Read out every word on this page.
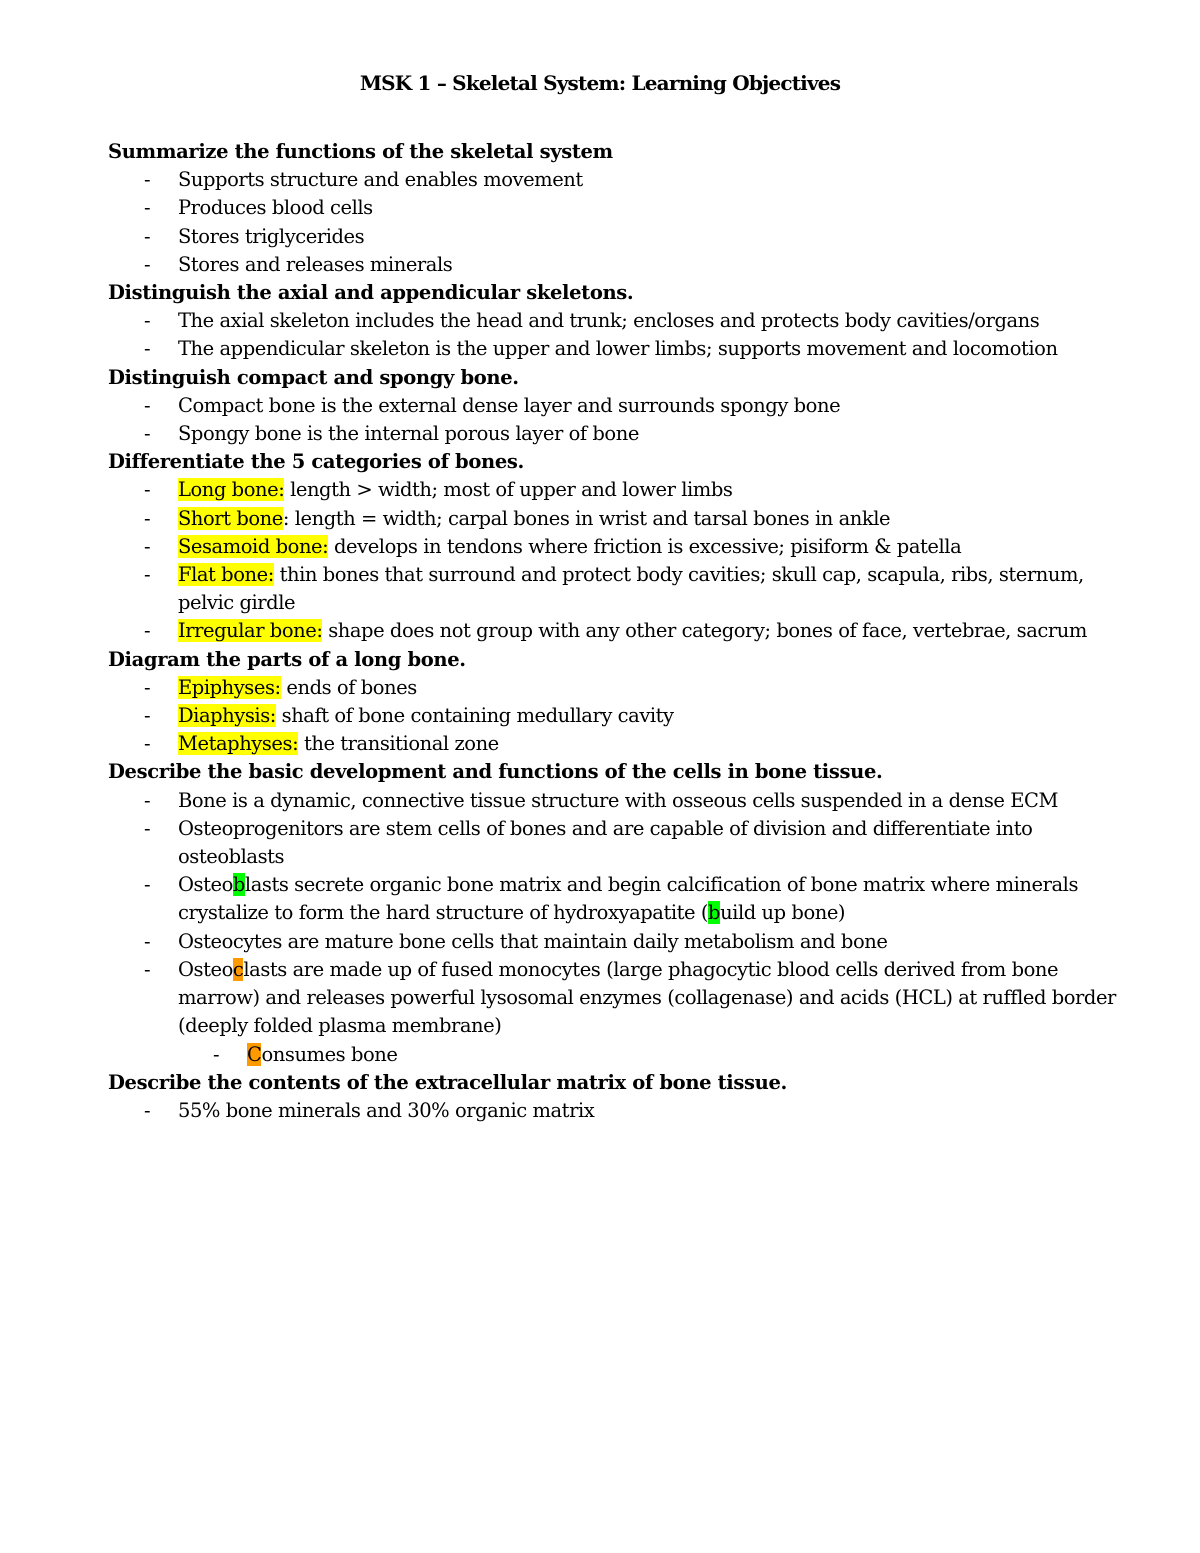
MSK 1 – Skeletal System: Learning Objectives
Summarize the functions of the skeletal system
- Supports structure and enables movement
- Produces blood cells
- Stores triglycerides
- Stores and releases minerals
Distinguish the axial and appendicular skeletons.
- The axial skeleton includes the head and trunk; encloses and protects body cavities/organs
- The appendicular skeleton is the upper and lower limbs; supports movement and locomotion
Distinguish compact and spongy bone.
- Compact bone is the external dense layer and surrounds spongy bone
- Spongy bone is the internal porous layer of bone
Differentiate the 5 categories of bones.
- Long bone: length > width; most of upper and lower limbs
- Short bone: length = width; carpal bones in wrist and tarsal bones in ankle
- Sesamoid bone: develops in tendons where friction is excessive; pisiform & patella
- Flat bone: thin bones that surround and protect body cavities; skull cap, scapula, ribs, sternum, pelvic girdle
- Irregular bone: shape does not group with any other category; bones of face, vertebrae, sacrum
Diagram the parts of a long bone.
- Epiphyses: ends of bones
- Diaphysis: shaft of bone containing medullary cavity
- Metaphyses: the transitional zone
Describe the basic development and functions of the cells in bone tissue.
- Bone is a dynamic, connective tissue structure with osseous cells suspended in a dense ECM
- Osteoprogenitors are stem cells of bones and are capable of division and differentiate into osteoblasts
- Osteoblasts secrete organic bone matrix and begin calcification of bone matrix where minerals crystalize to form the hard structure of hydroxyapatite (build up bone)
- Osteocytes are mature bone cells that maintain daily metabolism and bone
- Osteoclasts are made up of fused monocytes (large phagocytic blood cells derived from bone marrow) and releases powerful lysosomal enzymes (collagenase) and acids (HCL) at ruffled border (deeply folded plasma membrane)
- Consumes bone
Describe the contents of the extracellular matrix of bone tissue.
- 55% bone minerals and 30% organic matrix
